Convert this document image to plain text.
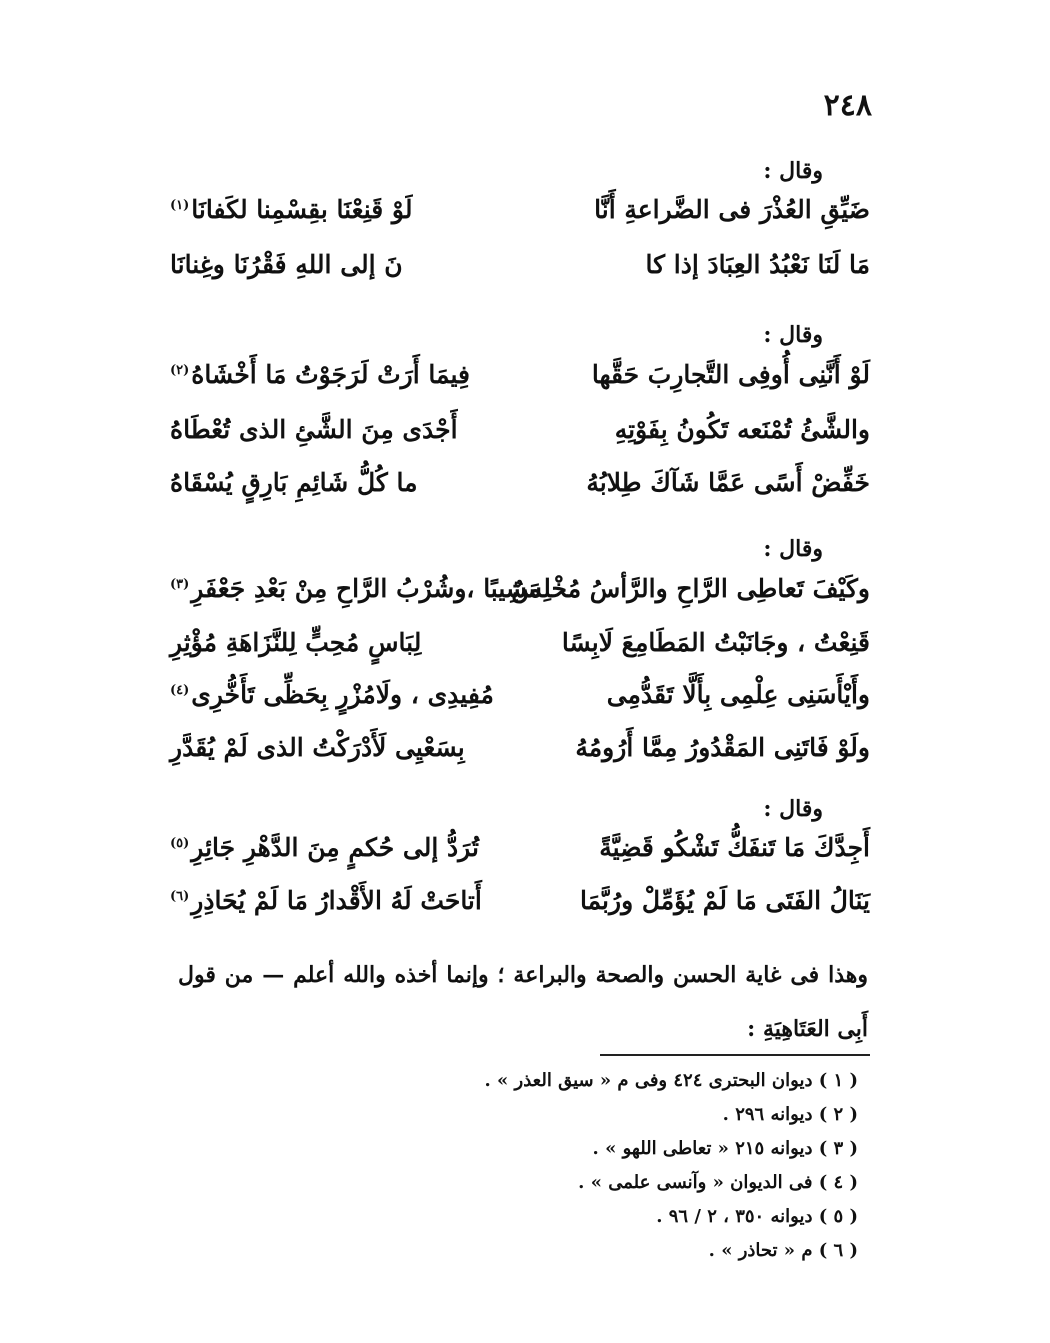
٢٤٨
وقال :
ضَيِّقِ العُذْرَ فى الضَّراعةِ أَنَّا
لَوْ قَنِعْنَا بقِسْمِنا لكَفانَا$^{(١)}$
مَا لَنَا نَعْبُدُ العِبَادَ إذا كا
نَ إلى اللهِ فَقْرُنَا وغِنانَا
وقال :
لَوْ أَنَّنِى أُوفِى التَّجارِبَ حَقَّها
فِيمَا أَرَتْ لَرَجَوْتُ مَا أَخْشَاهُ$^{(٢)}$
والشَّئُ تُمْنَعه تَكُونُ بِفَوْتِهِ
أَجْدَى مِنَ الشَّئِ الذى تُعْطَاهُ
خَفِّضْ أَسًى عَمَّا شَآكَ طِلابُهُ
ما كُلُّ شَائِمِ بَارِقٍ يُسْقَاهُ
وقال :
وكَيْفَ تَعاطِى الرَّاحِ والرَّأسُ مُخْلِسٌ
مَشِيبًا ،وشُرْبُ الرَّاحِ مِنْ بَعْدِ جَعْفَرِ$^{(٣)}$
قَنِعْتُ ، وجَانَبْتُ المَطَامِعَ لَابِسًا
لِبَاسٍ مُحِبٍّ لِلنَّزَاهَةِ مُؤْثِرِ
وأَيْأَسَنِى عِلْمِى بِأَلَّا تَقَدُّمِى
مُفِيدِى ، ولَامُزْرٍ بِحَظِّى تَأَخُّرِى$^{(٤)}$
ولَوْ فَاتَنِى المَقْدُورُ مِمَّا أَرُومُهُ
بِسَعْيِى لَأَدْرَكْتُ الذى لَمْ يُقَدَّرِ
وقال :
أَجِدَّكَ مَا تَنفَكُّ تَشْكُو قَضِيَّةً
تُرَدُّ إلى حُكمٍ مِنَ الدَّهْرِ جَائِرِ$^{(٥)}$
يَنَالُ الفَتَى مَا لَمْ يُؤَمِّلْ ورُبَّمَا
أَتاحَتْ لَهُ الأَقْدارُ مَا لَمْ يُحَاذِرِ$^{(٦)}$
وهذا فى غاية الحسن والصحة والبراعة ؛ وإنما أخذه والله أعلم — من قول أَبِى العَتَاهِيَةِ :
( ١ ) ديوان البحترى ٤٢٤ وفى م « سيق العذر » .
( ٢ ) ديوانه ٢٩٦ .
( ٣ ) ديوانه ٢١٥ « تعاطى اللهو » .
( ٤ ) فى الديوان « وآنسى علمى » .
( ٥ ) ديوانه ٣٥٠ ، ٢ / ٩٦ .
( ٦ ) م « تحاذر » .
